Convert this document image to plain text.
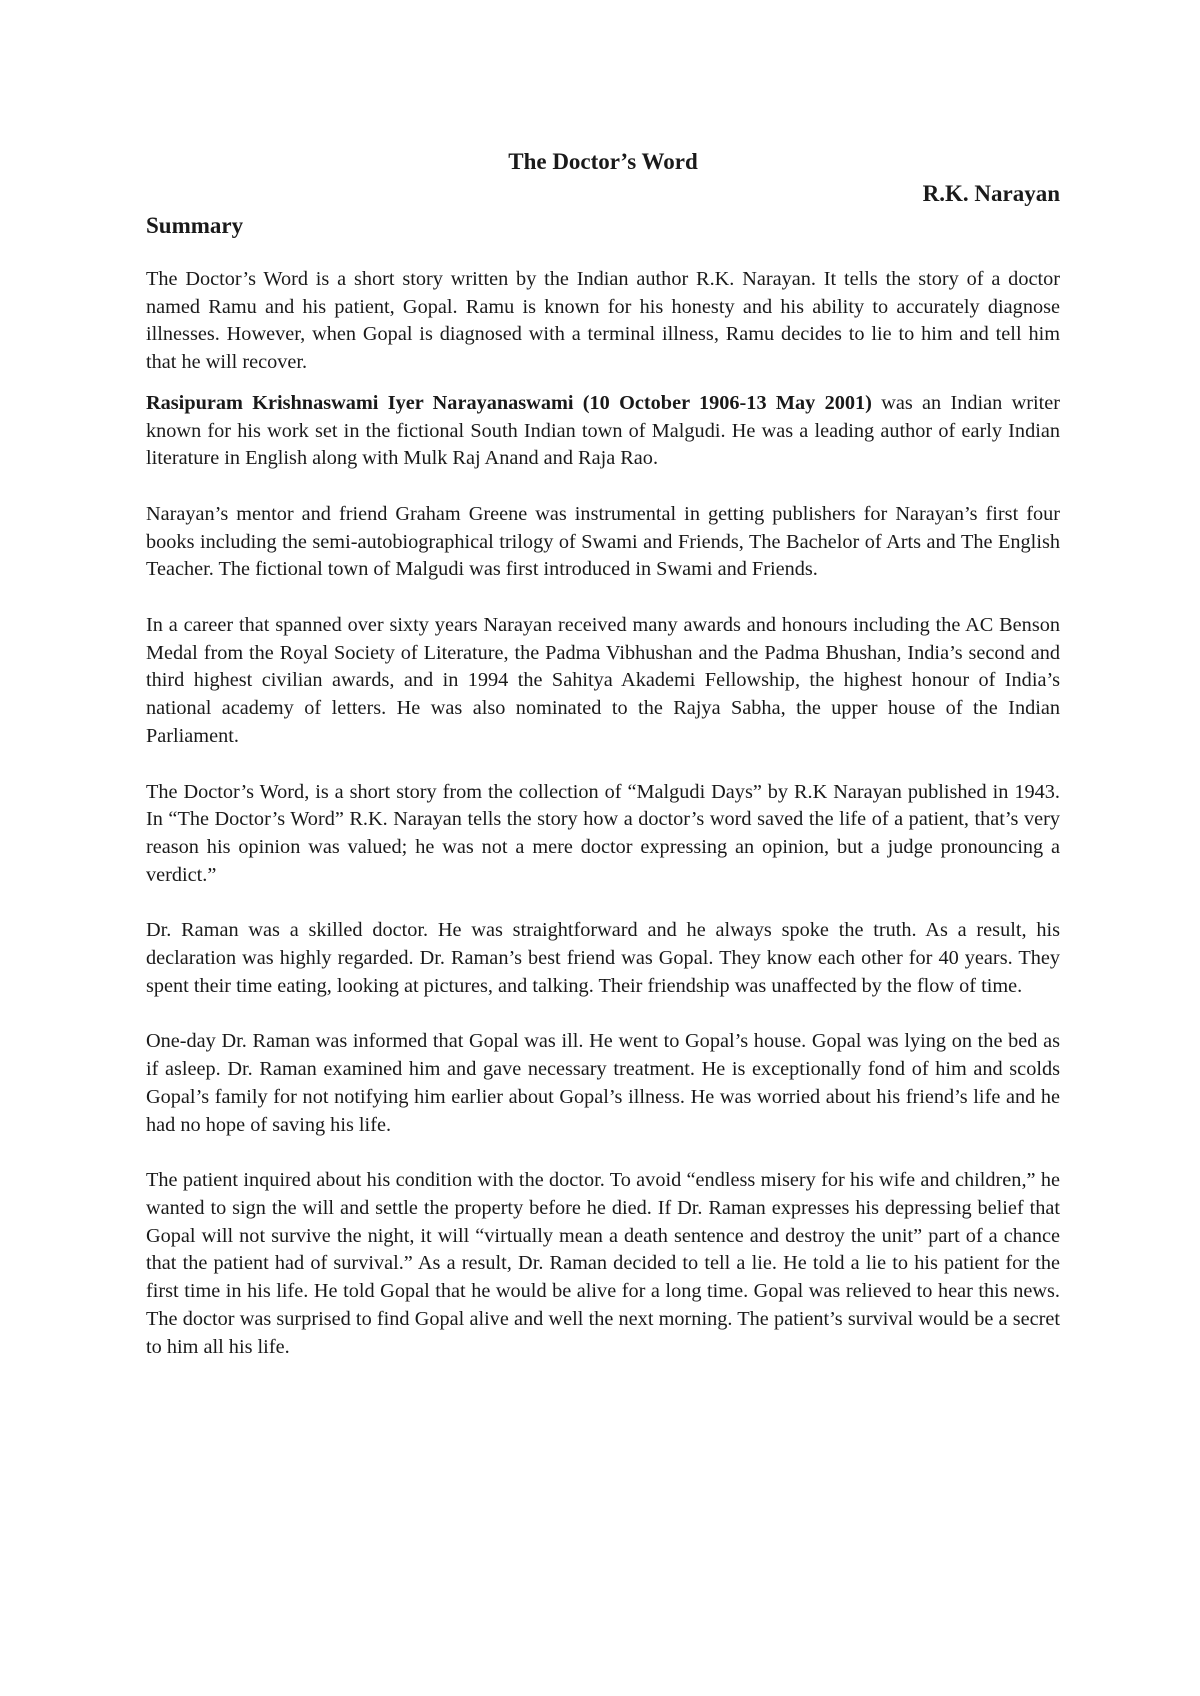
The Doctor’s Word

R.K. Narayan

Summary

The Doctor’s Word is a short story written by the Indian author R.K. Narayan. It tells the story of a doctor named Ramu and his patient, Gopal. Ramu is known for his honesty and his ability to accurately diagnose illnesses. However, when Gopal is diagnosed with a terminal illness, Ramu decides to lie to him and tell him that he will recover.

Rasipuram Krishnaswami Iyer Narayanaswami (10 October 1906-13 May 2001) was an Indian writer known for his work set in the fictional South Indian town of Malgudi. He was a leading author of early Indian literature in English along with Mulk Raj Anand and Raja Rao.

Narayan’s mentor and friend Graham Greene was instrumental in getting publishers for Narayan’s first four books including the semi-autobiographical trilogy of Swami and Friends, The Bachelor of Arts and The English Teacher. The fictional town of Malgudi was first introduced in Swami and Friends.

In a career that spanned over sixty years Narayan received many awards and honours including the AC Benson Medal from the Royal Society of Literature, the Padma Vibhushan and the Padma Bhushan, India’s second and third highest civilian awards, and in 1994 the Sahitya Akademi Fellowship, the highest honour of India’s national academy of letters. He was also nominated to the Rajya Sabha, the upper house of the Indian Parliament.

The Doctor’s Word, is a short story from the collection of “Malgudi Days” by R.K Narayan published in 1943. In “The Doctor’s Word” R.K. Narayan tells the story how a doctor’s word saved the life of a patient, that’s very reason his opinion was valued; he was not a mere doctor expressing an opinion, but a judge pronouncing a verdict.”

Dr. Raman was a skilled doctor. He was straightforward and he always spoke the truth. As a result, his declaration was highly regarded. Dr. Raman’s best friend was Gopal. They know each other for 40 years. They spent their time eating, looking at pictures, and talking. Their friendship was unaffected by the flow of time.

One-day Dr. Raman was informed that Gopal was ill. He went to Gopal’s house. Gopal was lying on the bed as if asleep. Dr. Raman examined him and gave necessary treatment. He is exceptionally fond of him and scolds Gopal’s family for not notifying him earlier about Gopal’s illness. He was worried about his friend’s life and he had no hope of saving his life.

The patient inquired about his condition with the doctor. To avoid “endless misery for his wife and children,” he wanted to sign the will and settle the property before he died. If Dr. Raman expresses his depressing belief that Gopal will not survive the night, it will “virtually mean a death sentence and destroy the unit” part of a chance that the patient had of survival.” As a result, Dr. Raman decided to tell a lie. He told a lie to his patient for the first time in his life. He told Gopal that he would be alive for a long time. Gopal was relieved to hear this news. The doctor was surprised to find Gopal alive and well the next morning. The patient’s survival would be a secret to him all his life.
